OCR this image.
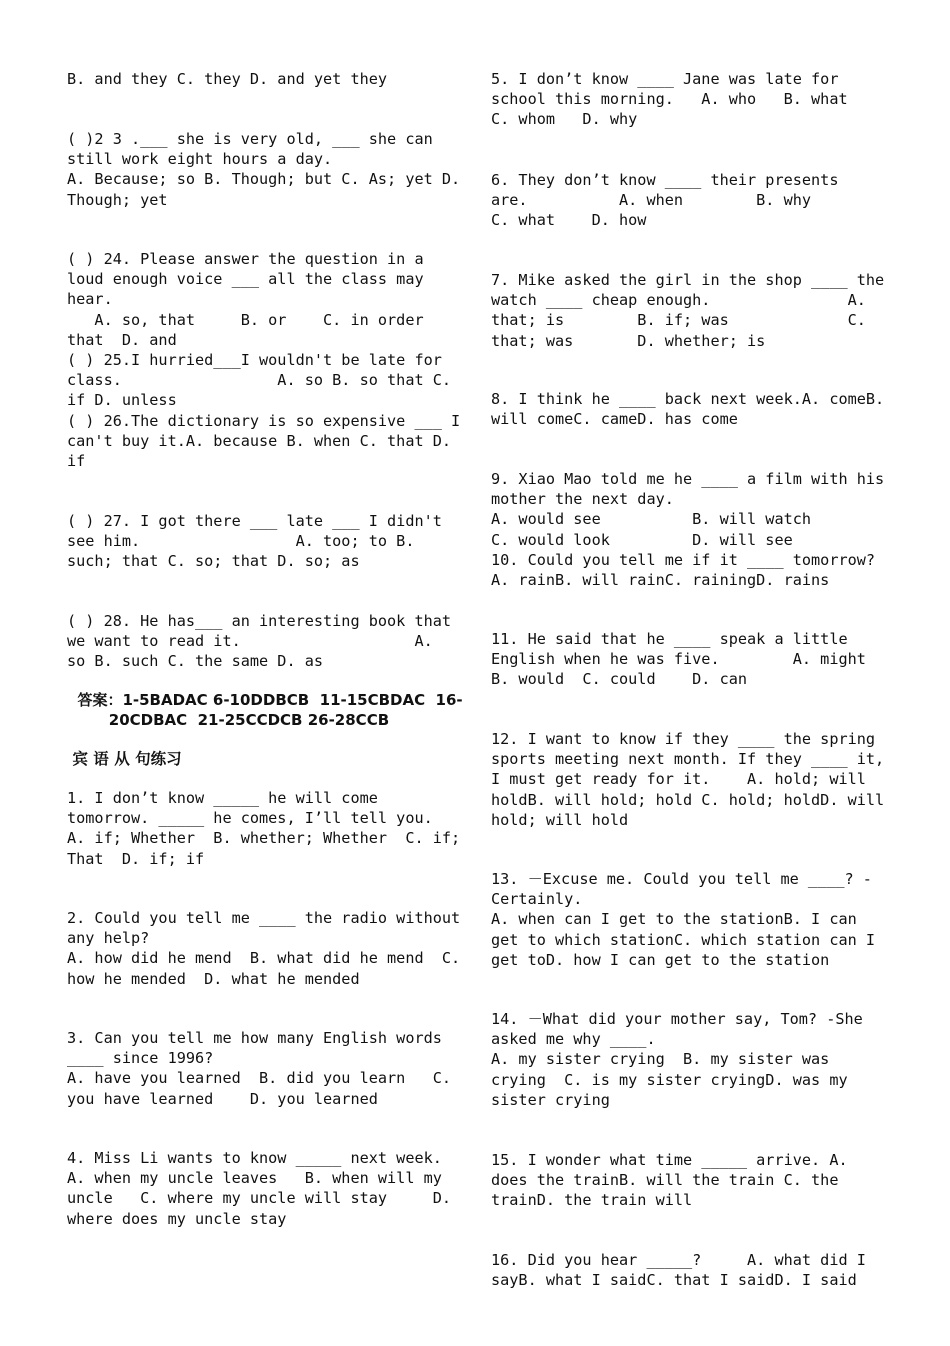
B. and they C. they D. and yet they
( )2 3 .___ she is very old, ___ she can
still work eight hours a day.
A. Because; so B. Though; but C. As; yet D.
Though; yet
( ) 24. Please answer the question in a
loud enough voice ___ all the class may
hear.
A. so, that     B. or    C. in order
that  D. and
( ) 25.I hurried___I wouldn't be late for
class.                 A. so B. so that C.
if D. unless
( ) 26.The dictionary is so expensive ___ I
can't buy it.A. because B. when C. that D.
if
( ) 27. I got there ___ late ___ I didn't
see him.                 A. too; to B.
such; that C. so; that D. so; as
( ) 28. He has___ an interesting book that
we want to read it.                   A.
so B. such C. the same D. as
答案：1-5BADAC 6-10DDBCB  11-15CBDAC  16-
20CDBAC  21-25CCDCB 26-28CCB
宾 语 从 句练习
1. I don’t know _____ he will come
tomorrow. _____ he comes, I’ll tell you.
A. if; Whether  B. whether; Whether  C. if;
That  D. if; if
2. Could you tell me ____ the radio without
any help?
A. how did he mend  B. what did he mend  C.
how he mended  D. what he mended
3. Can you tell me how many English words
____ since 1996?
A. have you learned  B. did you learn   C.
you have learned    D. you learned
4. Miss Li wants to know _____ next week.
A. when my uncle leaves   B. when will my
uncle   C. where my uncle will stay     D.
where does my uncle stay
5. I don’t know ____ Jane was late for
school this morning.   A. who   B. what
C. whom   D. why
6. They don’t know ____ their presents
are.          A. when        B. why
C. what    D. how
7. Mike asked the girl in the shop ____ the
watch ____ cheap enough.               A.
that; is        B. if; was             C.
that; was       D. whether; is
8. I think he ____ back next week.A. comeB.
will comeC. cameD. has come
9. Xiao Mao told me he ____ a film with his
mother the next day.
A. would see          B. will watch
C. would look         D. will see
10. Could you tell me if it ____ tomorrow?
A. rainB. will rainC. rainingD. rains
11. He said that he ____ speak a little
English when he was five.        A. might
B. would  C. could    D. can
12. I want to know if they ____ the spring
sports meeting next month. If they ____ it,
I must get ready for it.    A. hold; will
holdB. will hold; hold C. hold; holdD. will
hold; will hold
13. －Excuse me. Could you tell me ____? -
Certainly.
A. when can I get to the stationB. I can
get to which stationC. which station can I
get toD. how I can get to the station
14. －What did your mother say, Tom? -She
asked me why ____.
A. my sister crying  B. my sister was
crying  C. is my sister cryingD. was my
sister crying
15. I wonder what time _____ arrive. A.
does the trainB. will the train C. the
trainD. the train will
16. Did you hear _____?     A. what did I
sayB. what I saidC. that I saidD. I said
